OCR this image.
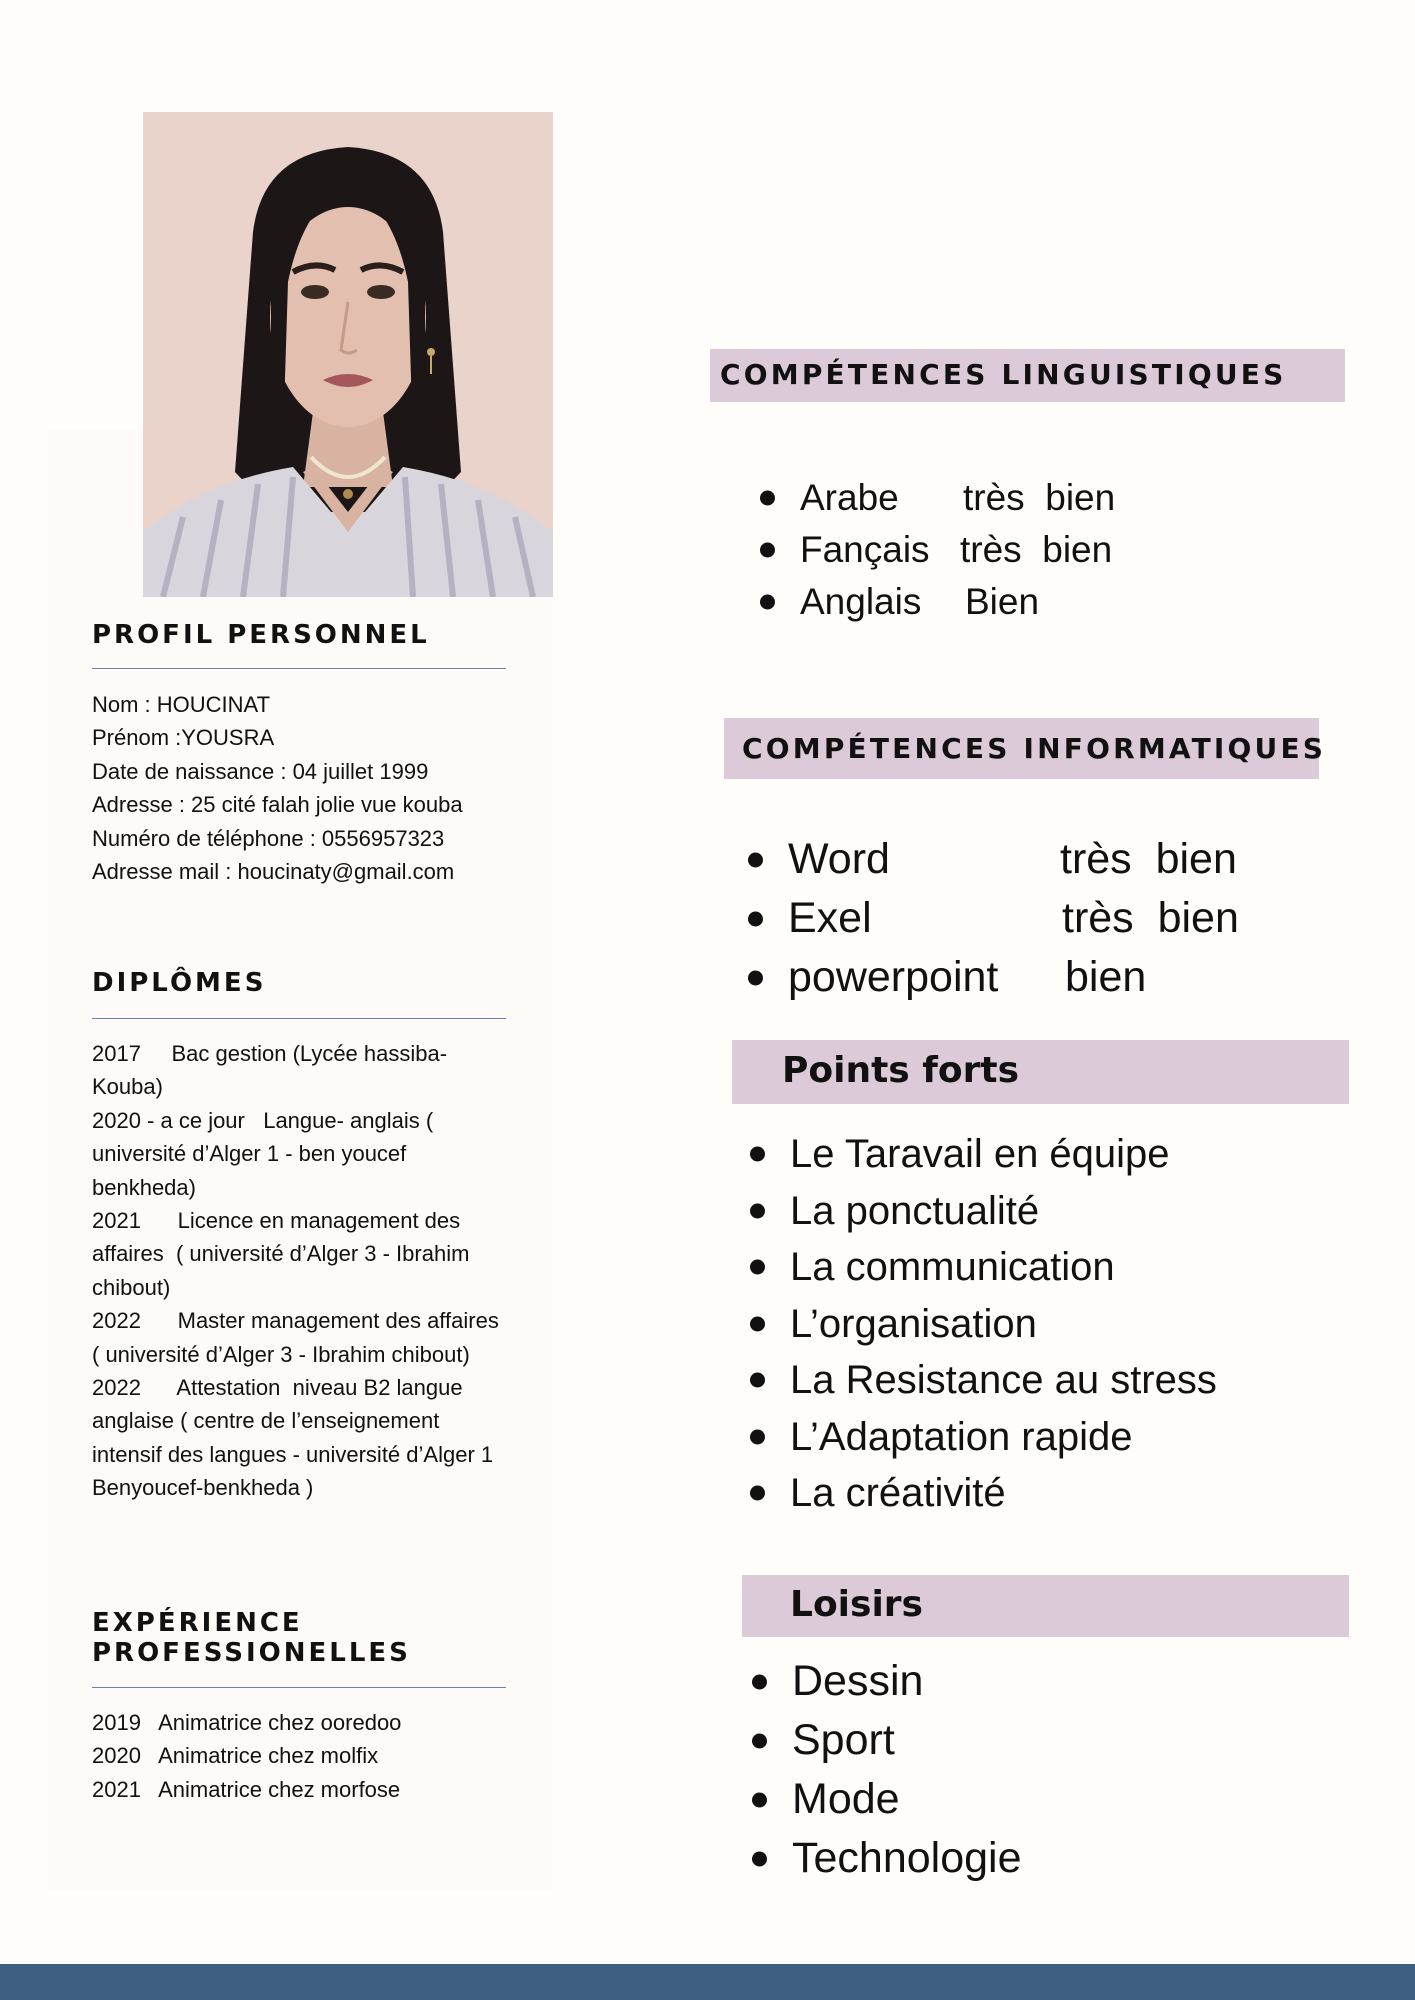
PROFIL PERSONNEL
Nom : HOUCINAT
Prénom :YOUSRA
Date de naissance : 04 juillet 1999
Adresse : 25 cité falah jolie vue kouba
Numéro de téléphone : 0556957323
Adresse mail : houcinaty@gmail.com
DIPLÔMES
2017     Bac gestion (Lycée hassiba-Kouba)
2020 - a ce jour   Langue- anglais ( université d’Alger 1 - ben youcef benkheda)
2021      Licence en management des affaires  ( université d’Alger 3 - Ibrahim chibout)
2022      Master management des affaires  ( université d’Alger 3 - Ibrahim chibout)
2022      Attestation  niveau B2 langue anglaise ( centre de l’enseignement intensif des langues - université d’Alger 1 Benyoucef-benkheda )
EXPÉRIENCE
PROFESSIONELLES
2019   Animatrice chez ooredoo
2020   Animatrice chez molfix
2021   Animatrice chez morfose
COMPÉTENCES LINGUISTIQUES
Arabe très  bien
Fançais très  bien
Anglais Bien
COMPÉTENCES INFORMATIQUES
Word	très  bien
Exel	très  bien
powerpoint bien
Points forts
Le Taravail en équipe
La ponctualité
La communication
L’organisation
La Resistance au stress
L’Adaptation rapide
La créativité
Loisirs
Dessin
Sport
Mode
Technologie
